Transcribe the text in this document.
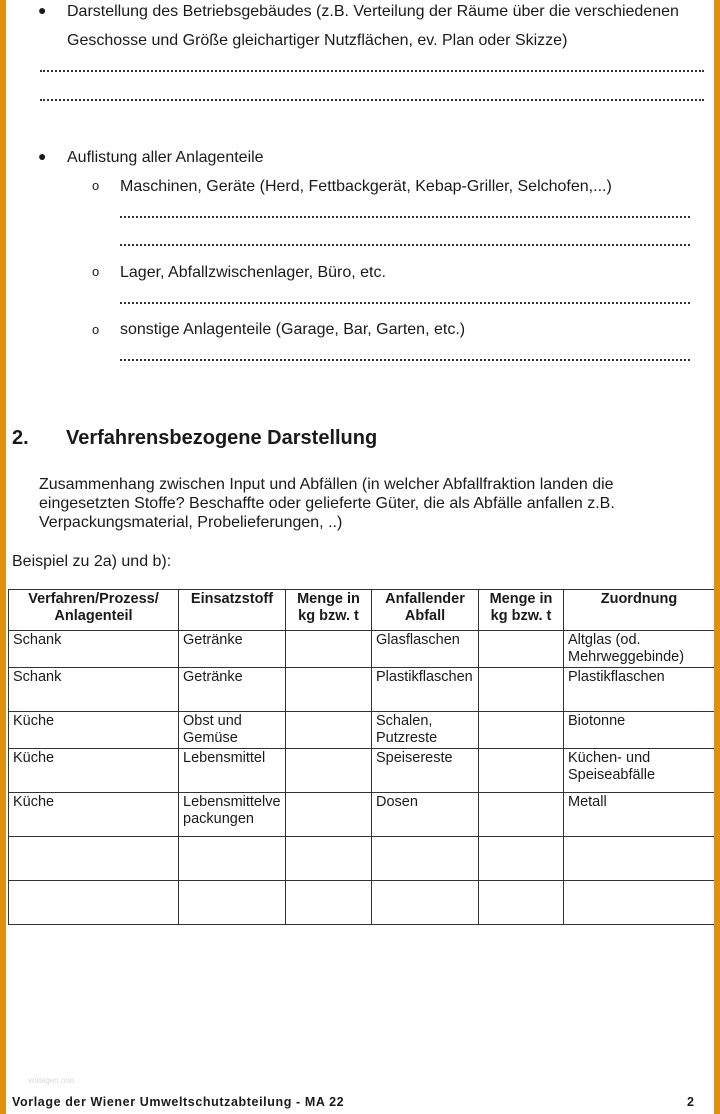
● Darstellung des Betriebsgebäudes (z.B. Verteilung der Räume über die verschiedenen
Geschosse und Größe gleichartiger Nutzflächen, ev. Plan oder Skizze)
● Auflistung aller Anlagenteile
o Maschinen, Geräte (Herd, Fettbackgerät, Kebap-Griller, Selchofen,...)
o Lager, Abfallzwischenlager, Büro, etc.
o sonstige Anlagenteile (Garage, Bar, Garten, etc.)
2. Verfahrensbezogene Darstellung
Zusammenhang zwischen Input und Abfällen (in welcher Abfallfraktion landen die
eingesetzten Stoffe? Beschaffte oder gelieferte Güter, die als Abfälle anfallen z.B.
Verpackungsmaterial, Probelieferungen, ..)
Beispiel zu 2a) und b):
Verfahren/Prozess/
Anlagenteil	Einsatzstoff	Menge in
kg bzw. t	Anfallender
Abfall	Menge in
kg bzw. t	Zuordnung

Schank	Getränke		Glasflaschen		Altglas (od.
Mehrweggebinde)
Schank	Getränke		Plastikflaschen		Plastikflaschen
Küche	Obst und
Gemüse		Schalen,
Putzreste		Biotonne
Küche	Lebensmittel		Speisereste		Küchen- und
Speiseabfälle
Küche	Lebensmittelve
packungen		Dosen		Metall

vorlagen.ooo
Vorlage der Wiener Umweltschutzabteilung - MA 22	2
